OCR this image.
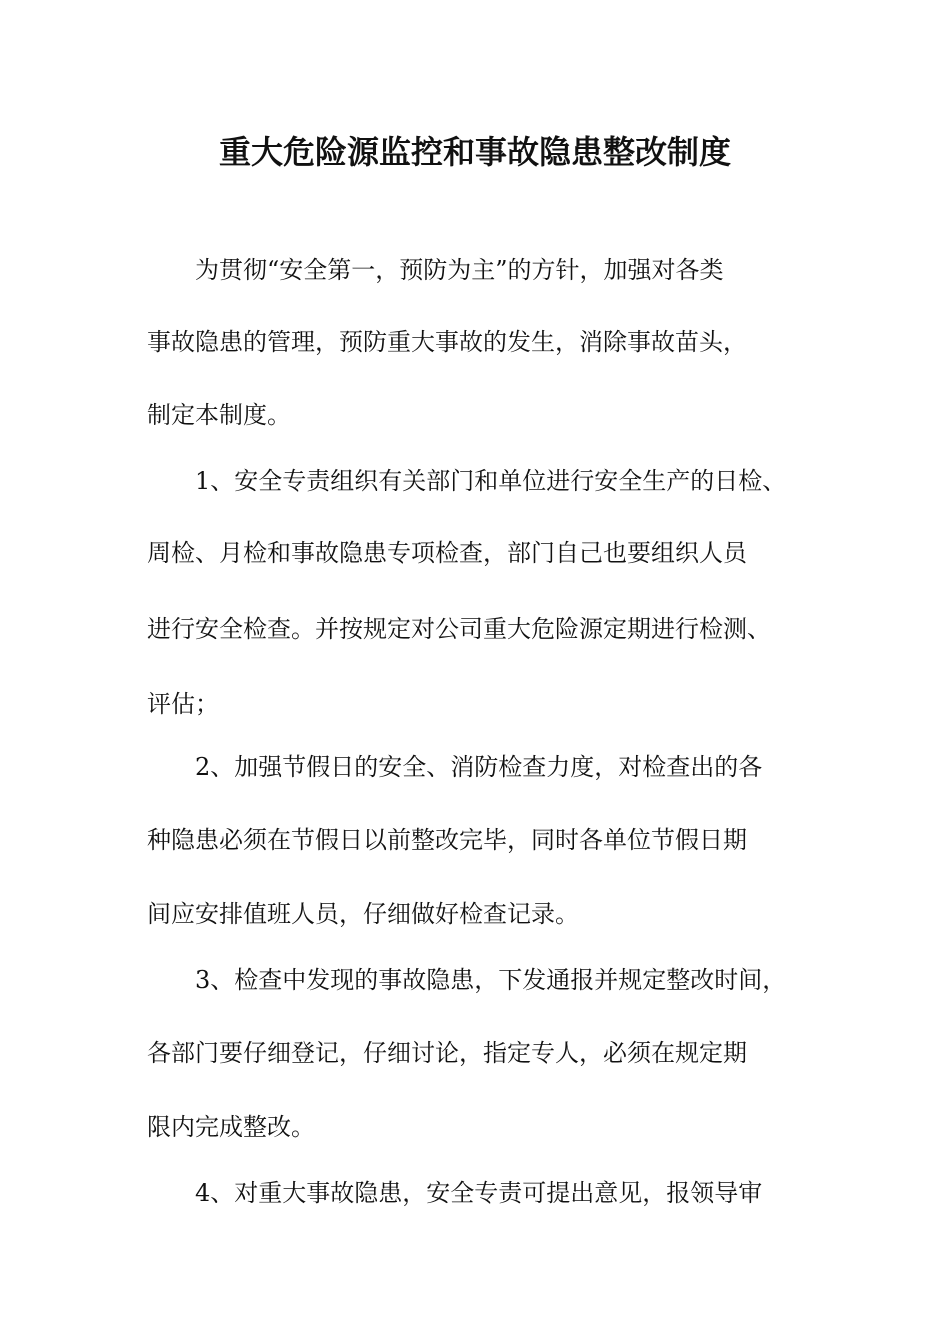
重大危险源监控和事故隐患整改制度
为贯彻“安全第一，预防为主”的方针，加强对各类
事故隐患的管理，预防重大事故的发生，消除事故苗头，
制定本制度。
1、安全专责组织有关部门和单位进行安全生产的日检、
周检、月检和事故隐患专项检查，部门自己也要组织人员
进行安全检查。并按规定对公司重大危险源定期进行检测、
评估；
2、加强节假日的安全、消防检查力度，对检查出的各
种隐患必须在节假日以前整改完毕，同时各单位节假日期
间应安排值班人员，仔细做好检查记录。
3、检查中发现的事故隐患，下发通报并规定整改时间，
各部门要仔细登记，仔细讨论，指定专人，必须在规定期
限内完成整改。
4、对重大事故隐患，安全专责可提出意见，报领导审
